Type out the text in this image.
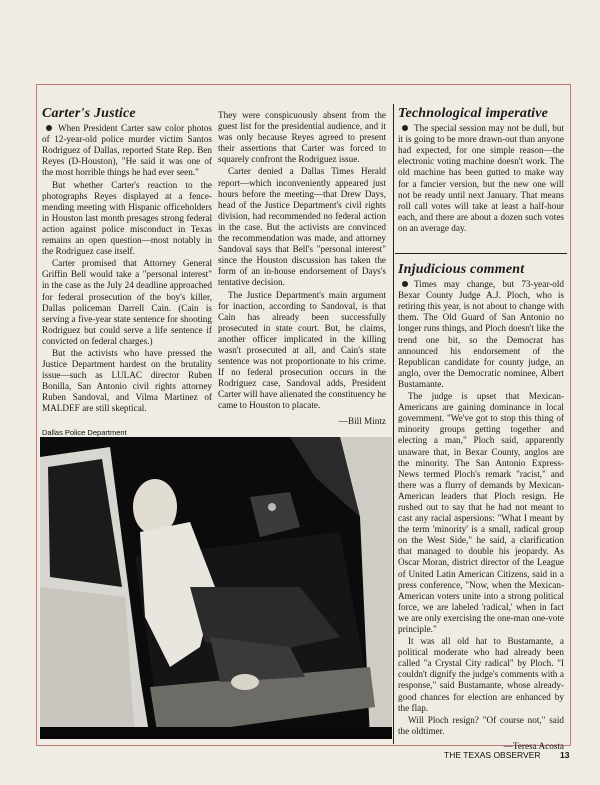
Carter's Justice

When President Carter saw color photos of 12-year-old police murder victim Santos Rodriguez of Dallas, reported State Rep. Ben Reyes (D-Houston), "He said it was one of the most horrible things he had ever seen."

But whether Carter's reaction to the photographs Reyes displayed at a fence-mending meeting with Hispanic officeholders in Houston last month presages strong federal action against police misconduct in Texas remains an open question—most notably in the Rodriguez case itself.

Carter promised that Attorney General Griffin Bell would take a "personal interest" in the case as the July 24 deadline approached for federal prosecution of the boy's killer, Dallas policeman Darrell Cain. (Cain is serving a five-year state sentence for shooting Rodriguez but could serve a life sentence if convicted on federal charges.)

But the activists who have pressed the Justice Department hardest on the brutality issue—such as LULAC director Ruben Bonilla, San Antonio civil rights attorney Ruben Sandoval, and Vilma Martinez of MALDEF are still skeptical.

They were conspicuously absent from the guest list for the presidential audience, and it was only because Reyes agreed to present their assertions that Carter was forced to squarely confront the Rodriguez issue.

Carter denied a Dallas Times Herald report—which inconveniently appeared just hours before the meeting—that Drew Days, head of the Justice Department's civil rights division, had recommended no federal action in the case. But the activists are convinced the recommendation was made, and attorney Sandoval says that Bell's "personal interest" since the Houston discussion has taken the form of an in-house endorsement of Days's tentative decision.

The Justice Department's main argument for inaction, according to Sandoval, is that Cain has already been successfully prosecuted in state court. But, he claims, another officer implicated in the killing wasn't prosecuted at all, and Cain's state sentence was not proportionate to his crime. If no federal prosecution occurs in the Rodriguez case, Sandoval adds, President Carter will have alienated the constituency he came to Houston to placate.

—Bill Mintz

Technological imperative

The special session may not be dull, but it is going to be more drawn-out than anyone had expected, for one simple reason—the electronic voting machine doesn't work. The old machine has been gutted to make way for a fancier version, but the new one will not be ready until next January. That means roll call votes will take at least a half-hour each, and there are about a dozen such votes on an average day.

Injudicious comment

Times may change, but 73-year-old Bexar County Judge A.J. Ploch, who is retiring this year, is not about to change with them. The Old Guard of San Antonio no longer runs things, and Ploch doesn't like the trend one bit, so the Democrat has announced his endorsement of the Republican candidate for county judge, an anglo, over the Democratic nominee, Albert Bustamante.

The judge is upset that Mexican-Americans are gaining dominance in local government. "We've got to stop this thing of minority groups getting together and electing a man," Ploch said, apparently unaware that, in Bexar County, anglos are the minority. The San Antonio Express-News termed Ploch's remark "racist," and there was a flurry of demands by Mexican-American leaders that Ploch resign. He rushed out to say that he had not meant to cast any racial aspersions: "What I meant by the term 'minority' is a small, radical group on the West Side," he said, a clarification that managed to double his jeopardy. As Oscar Moran, district director of the League of United Latin American Citizens, said in a press conference, "Now, when the Mexican-American voters unite into a strong political force, we are labeled 'radical,' when in fact we are only exercising the one-man one-vote principle."

It was all old hat to Bustamante, a political moderate who had already been called "a Crystal City radical" by Ploch. "I couldn't dignify the judge's comments with a response," said Bustamante, whose already-good chances for election are enhanced by the flap.

Will Ploch resign? "Of course not," said the oldtimer.

—Teresa Acosta

Dallas Police Department
THE TEXAS OBSERVER 13
